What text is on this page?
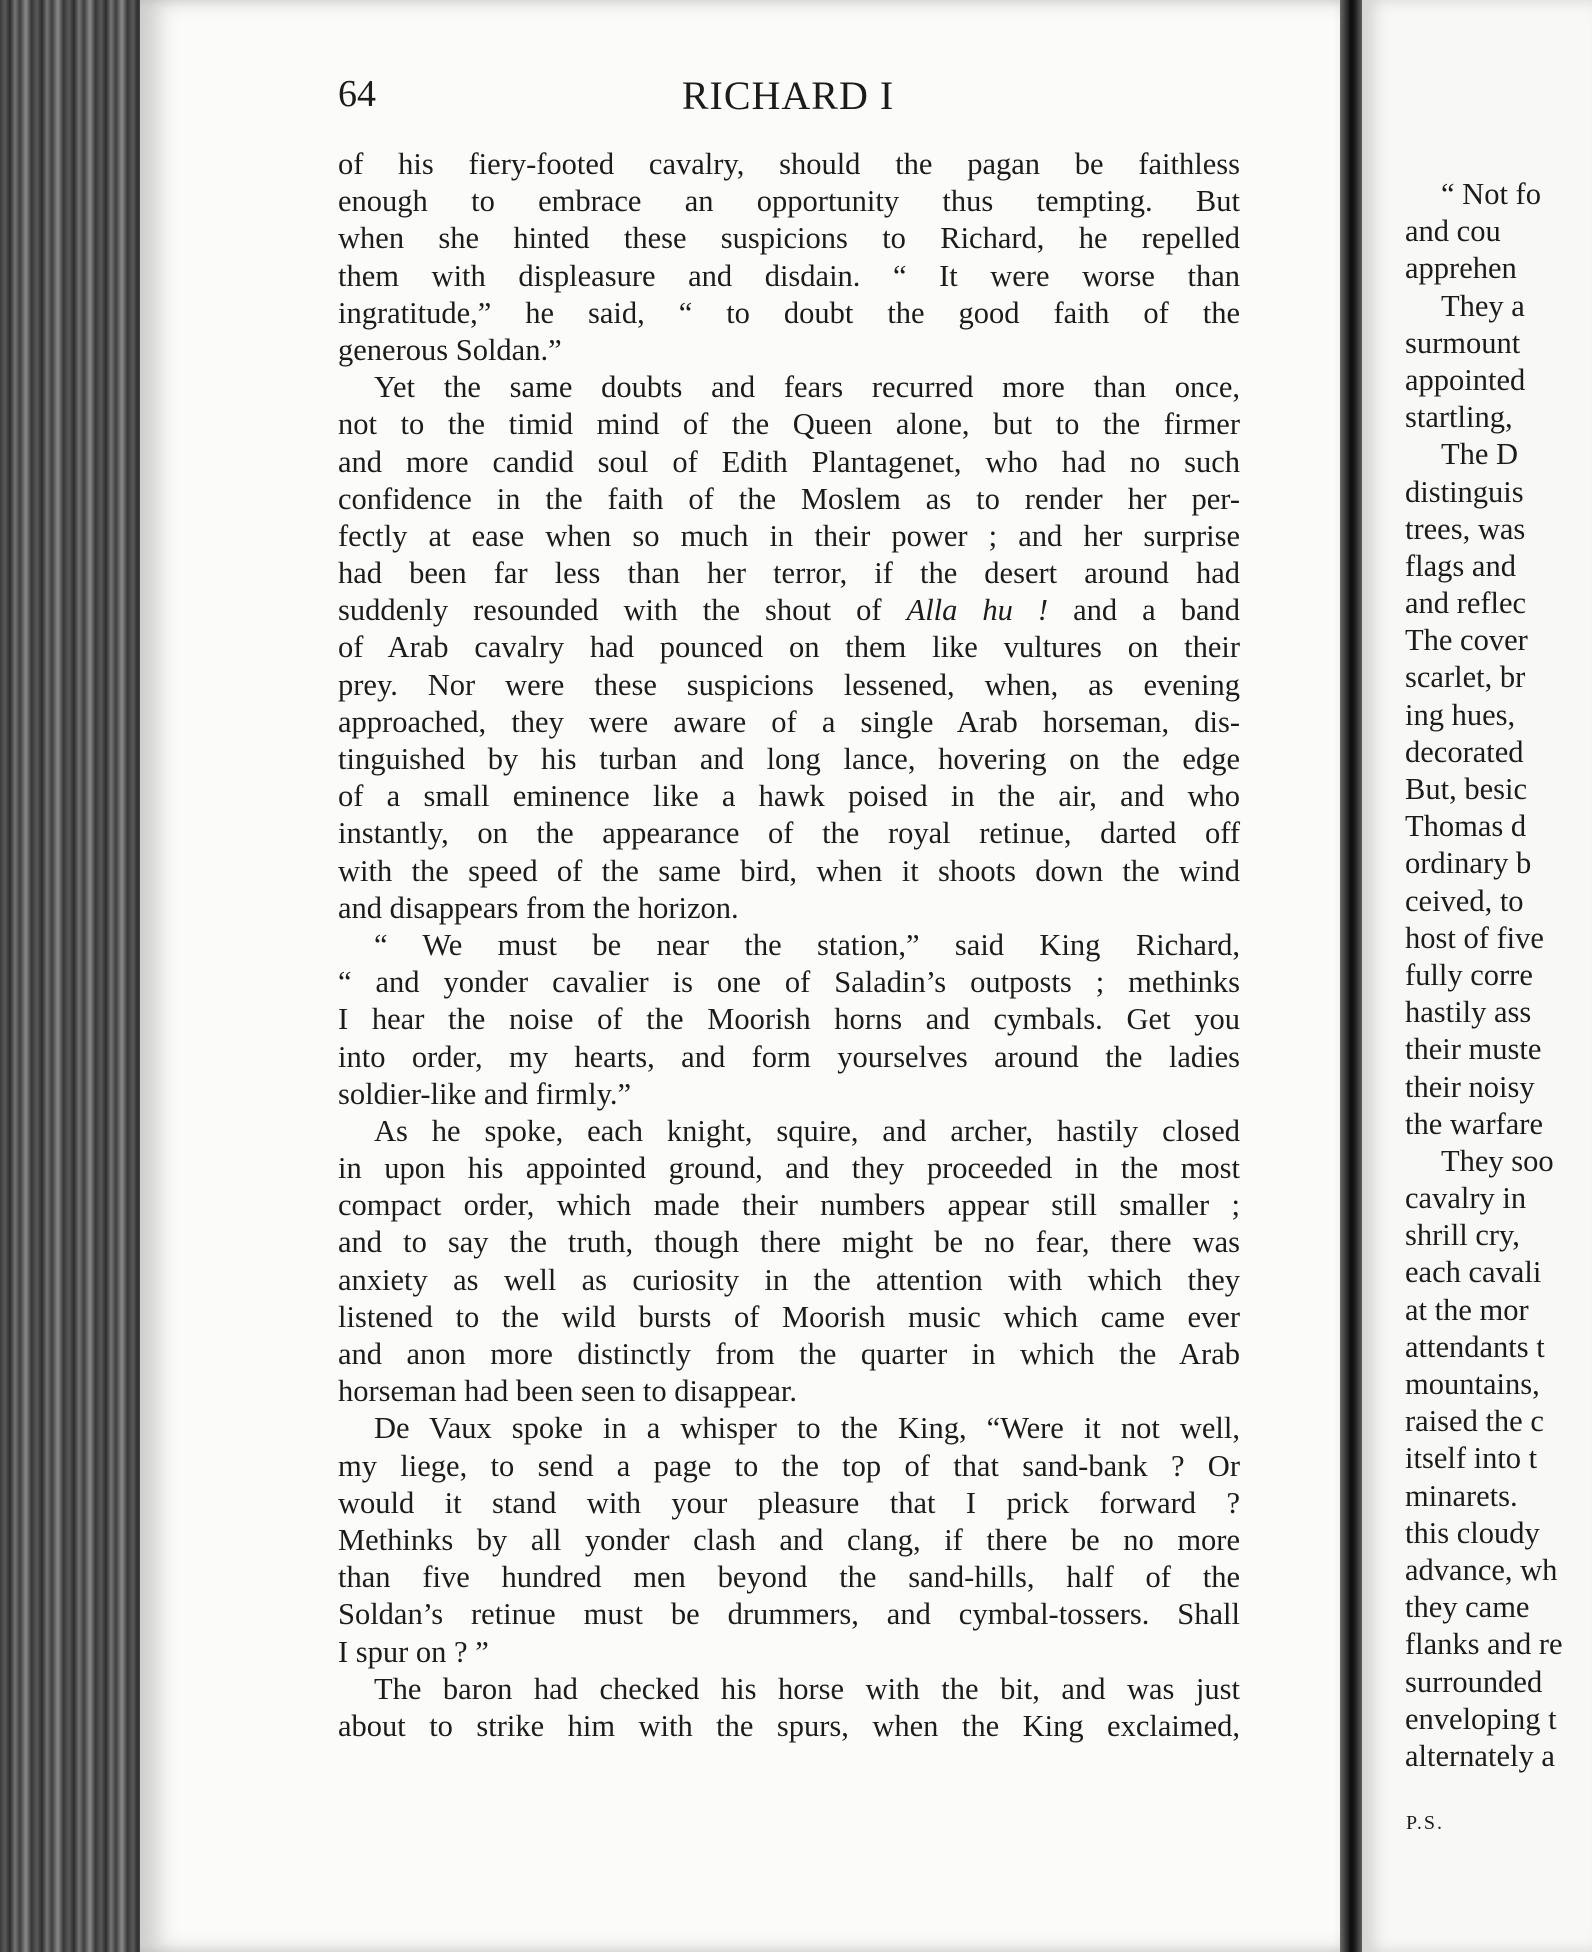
64	RICHARD I
of his fiery-footed cavalry, should the pagan be faithless
enough to embrace an opportunity thus tempting. But
when she hinted these suspicions to Richard, he repelled
them with displeasure and disdain. “ It were worse than
ingratitude,” he said, “ to doubt the good faith of the
generous Soldan.”
Yet the same doubts and fears recurred more than once,
not to the timid mind of the Queen alone, but to the firmer
and more candid soul of Edith Plantagenet, who had no such
confidence in the faith of the Moslem as to render her per-
fectly at ease when so much in their power ; and her surprise
had been far less than her terror, if the desert around had
suddenly resounded with the shout of Alla hu ! and a band
of Arab cavalry had pounced on them like vultures on their
prey. Nor were these suspicions lessened, when, as evening
approached, they were aware of a single Arab horseman, dis-
tinguished by his turban and long lance, hovering on the edge
of a small eminence like a hawk poised in the air, and who
instantly, on the appearance of the royal retinue, darted off
with the speed of the same bird, when it shoots down the wind
and disappears from the horizon.
“ We must be near the station,” said King Richard,
“ and yonder cavalier is one of Saladin’s outposts ; methinks
I hear the noise of the Moorish horns and cymbals. Get you
into order, my hearts, and form yourselves around the ladies
soldier-like and firmly.”
As he spoke, each knight, squire, and archer, hastily closed
in upon his appointed ground, and they proceeded in the most
compact order, which made their numbers appear still smaller ;
and to say the truth, though there might be no fear, there was
anxiety as well as curiosity in the attention with which they
listened to the wild bursts of Moorish music which came ever
and anon more distinctly from the quarter in which the Arab
horseman had been seen to disappear.
De Vaux spoke in a whisper to the King, “Were it not well,
my liege, to send a page to the top of that sand-bank ? Or
would it stand with your pleasure that I prick forward ?
Methinks by all yonder clash and clang, if there be no more
than five hundred men beyond the sand-hills, half of the
Soldan’s retinue must be drummers, and cymbal-tossers. Shall
I spur on ? ”
The baron had checked his horse with the bit, and was just
about to strike him with the spurs, when the King exclaimed,
“ Not fo
and cou
apprehen
They a
surmount
appointed
startling,
The D
distinguis
trees, was
flags and
and reflec
The cover
scarlet, br
ing hues,
decorated
But, besic
Thomas d
ordinary b
ceived, to
host of five
fully corre
hastily ass
their muste
their noisy
the warfare
They soo
cavalry in
shrill cry,
each cavali
at the mor
attendants t
mountains,
raised the c
itself into t
minarets.
this cloudy
advance, wh
they came
flanks and re
surrounded
enveloping t
alternately a
P.S.
